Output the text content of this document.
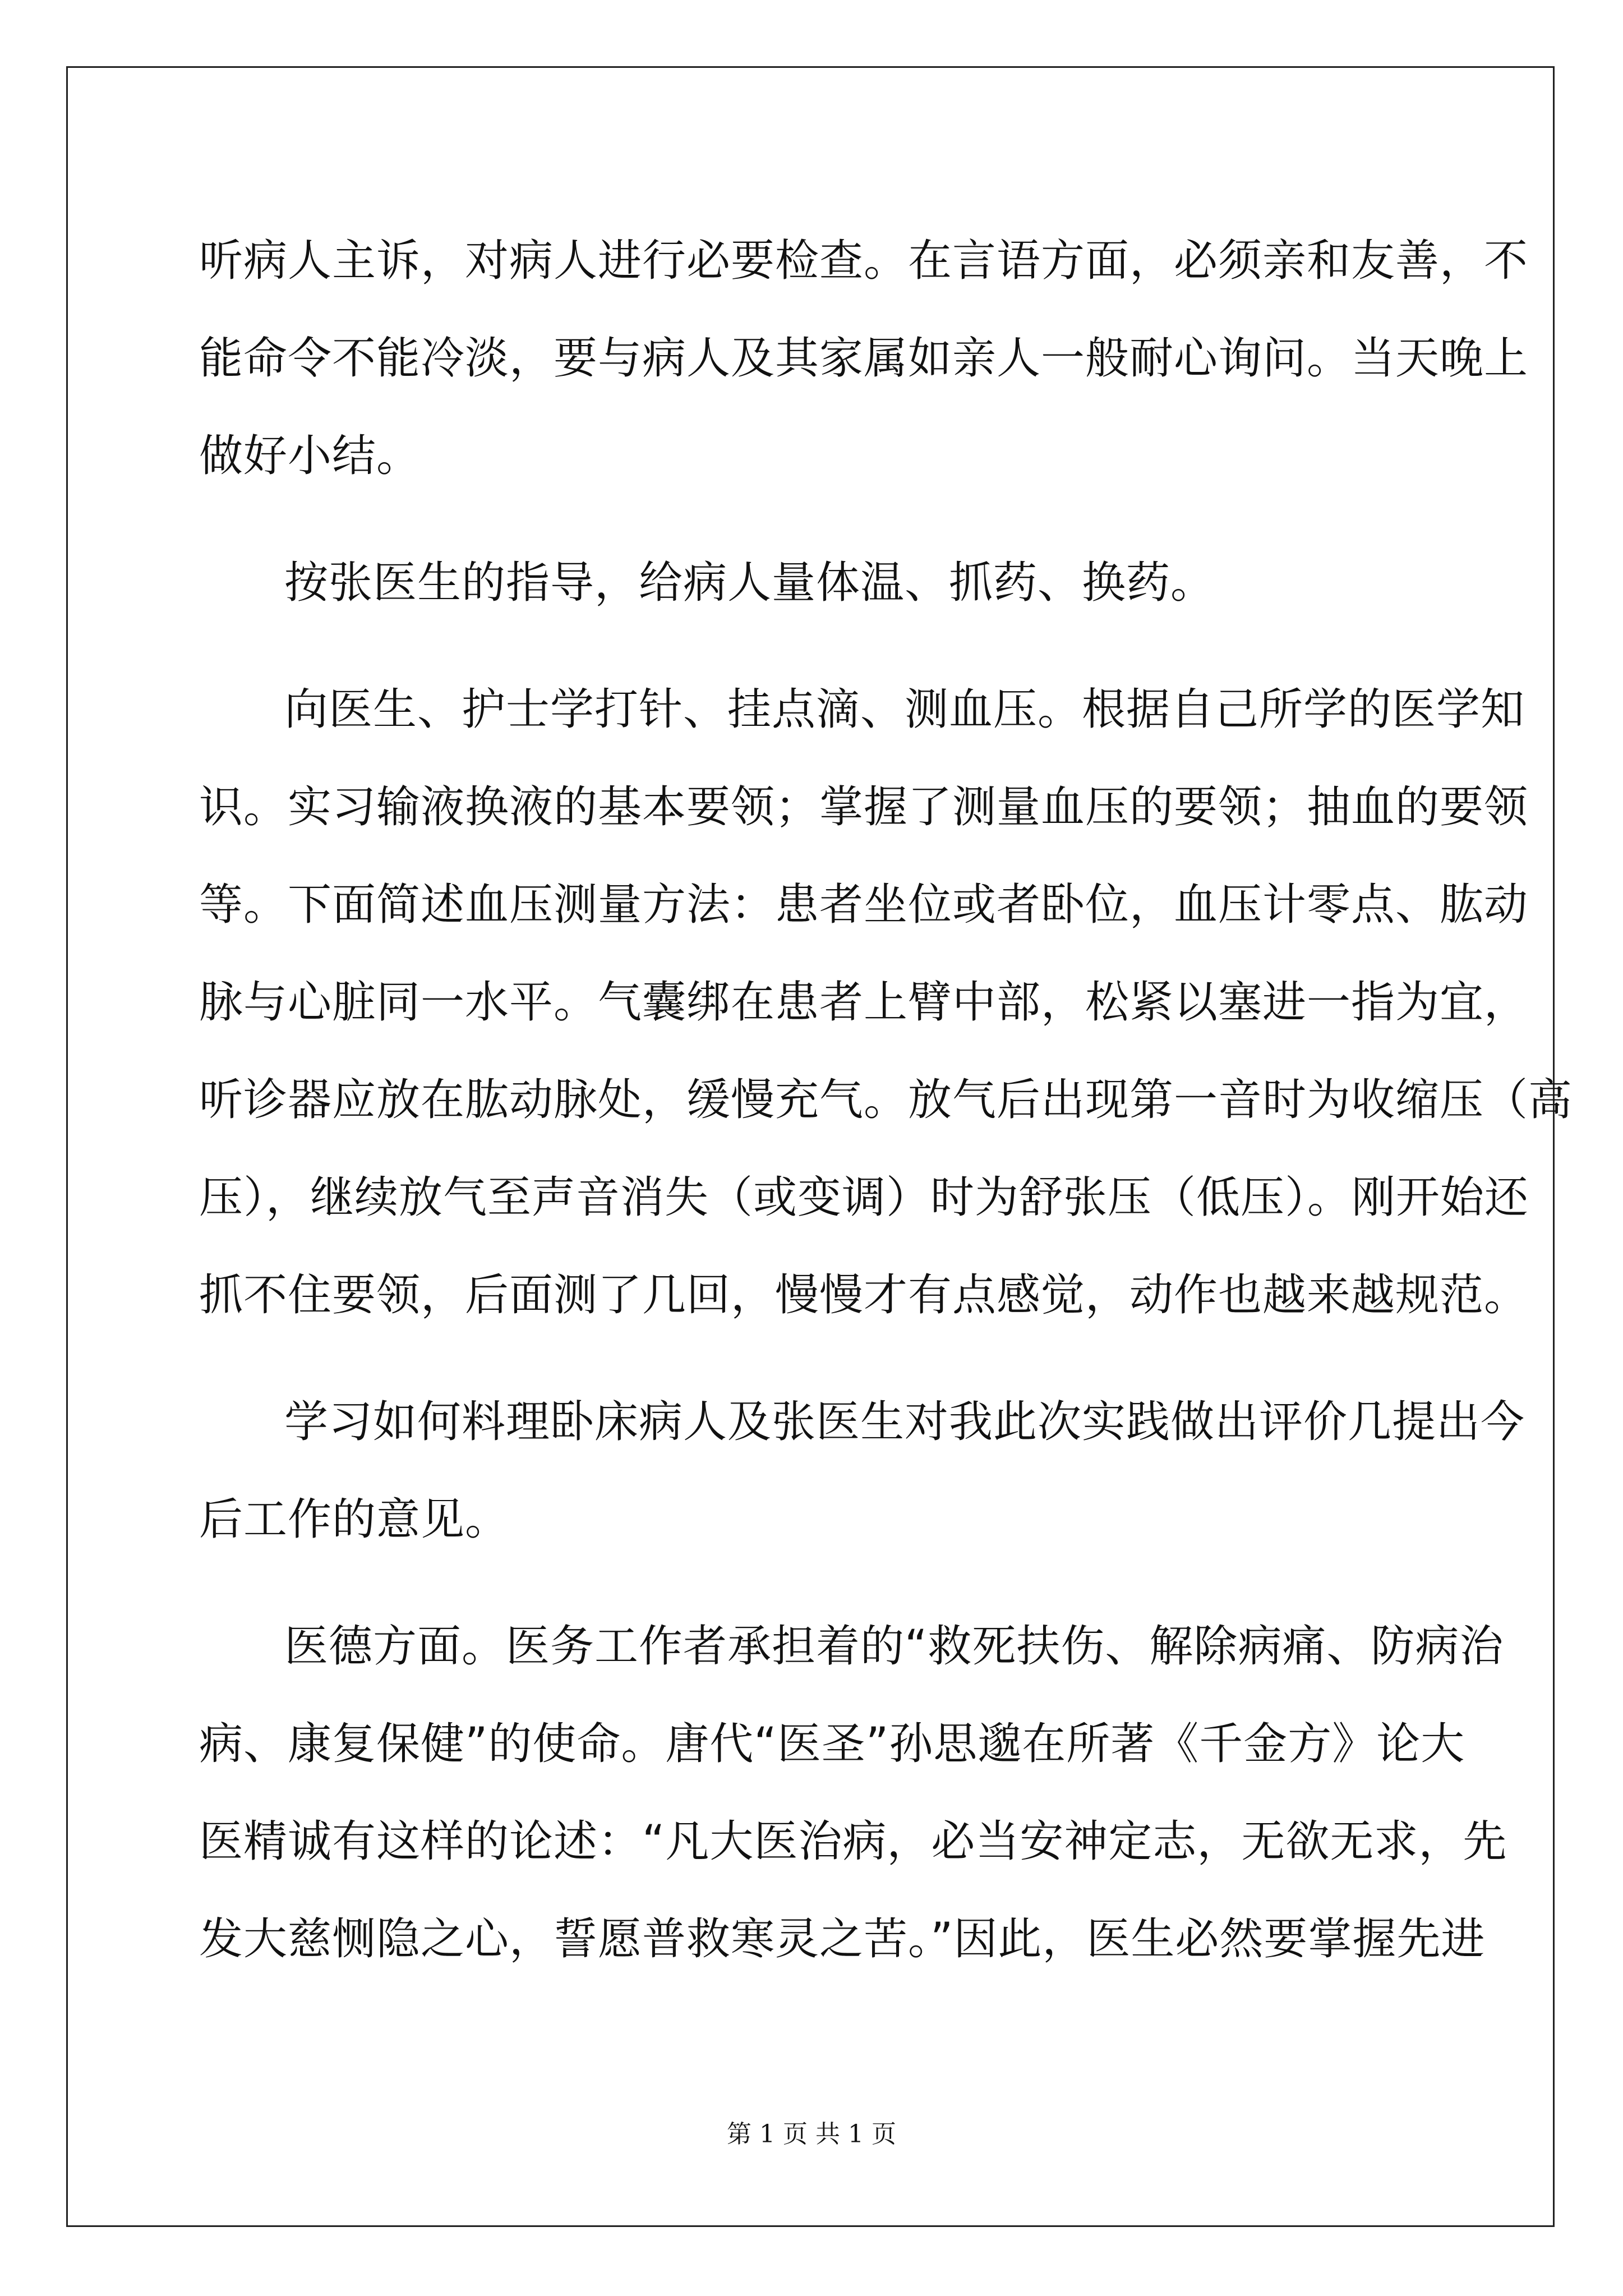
听病人主诉，对病人进行必要检查。在言语方面，必须亲和友善，不
能命令不能冷淡，要与病人及其家属如亲人一般耐心询问。当天晚上
做好小结。
按张医生的指导，给病人量体温、抓药、换药。
向医生、护士学打针、挂点滴、测血压。根据自己所学的医学知
识。实习输液换液的基本要领；掌握了测量血压的要领；抽血的要领
等。下面简述血压测量方法：患者坐位或者卧位，血压计零点、肱动
脉与心脏同一水平。气囊绑在患者上臂中部，松紧以塞进一指为宜，
听诊器应放在肱动脉处，缓慢充气。放气后出现第一音时为收缩压（高
压），继续放气至声音消失（或变调）时为舒张压（低压）。刚开始还
抓不住要领，后面测了几回，慢慢才有点感觉，动作也越来越规范。
学习如何料理卧床病人及张医生对我此次实践做出评价几提出今
后工作的意见。
医德方面。医务工作者承担着的“救死扶伤、解除病痛、防病治
病、康复保健”的使命。唐代“医圣”孙思邈在所著《千金方》论大
医精诚有这样的论述：“凡大医治病，必当安神定志，无欲无求，先
发大慈恻隐之心，誓愿普救寒灵之苦。”因此，医生必然要掌握先进
第 1 页 共 1 页
